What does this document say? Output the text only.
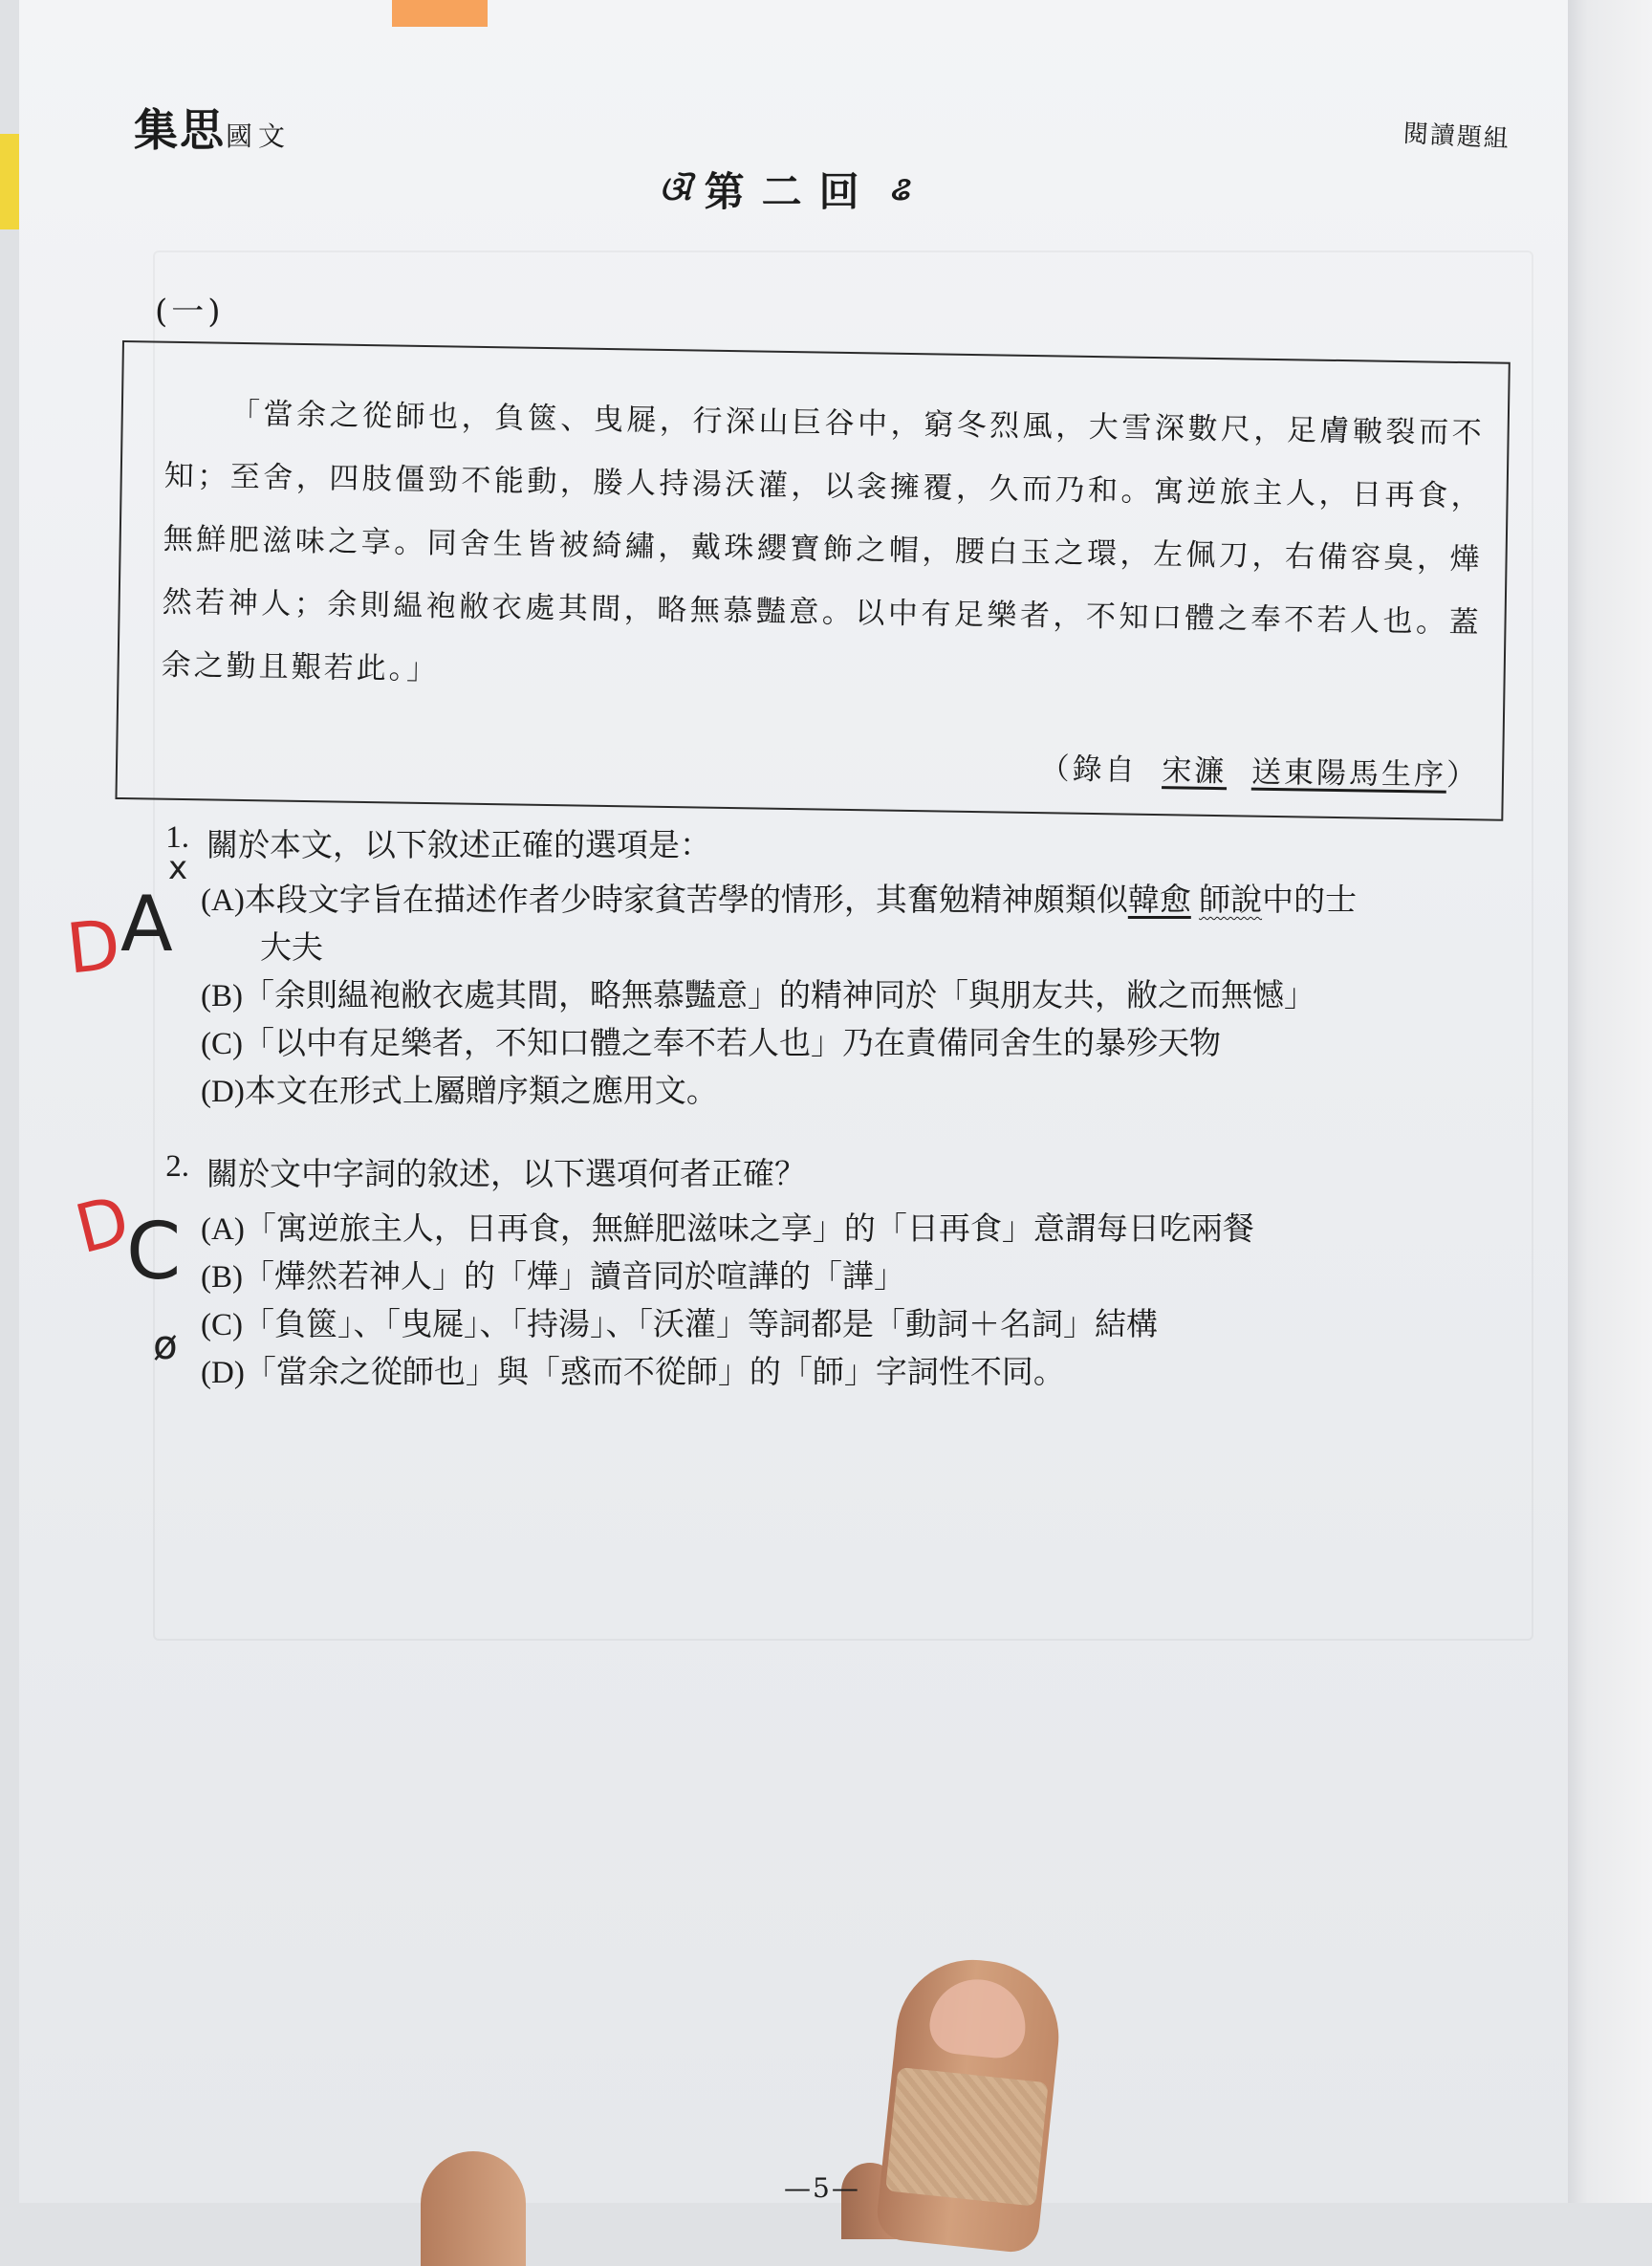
集思國文	閱讀題組
ଔ 第二回 ଌ
(一)
「當余之從師也，負篋、曳屣，行深山巨谷中，窮冬烈風，大雪深數尺，足膚皸裂而不知；至舍，四肢僵勁不能動，媵人持湯沃灌，以衾擁覆，久而乃和。寓逆旅主人，日再食，無鮮肥滋味之享。同舍生皆被綺繡，戴珠纓寶飾之帽，腰白玉之環，左佩刀，右備容臭，燁然若神人；余則緼袍敝衣處其間，略無慕豔意。以中有足樂者，不知口體之奉不若人也。蓋余之勤且艱若此。」
（錄自 宋濂 送東陽馬生序）
1. 關於本文，以下敘述正確的選項是：
(A)本段文字旨在描述作者少時家貧苦學的情形，其奮勉精神頗類似韓愈 師說中的士
大夫
(B)「余則緼袍敝衣處其間，略無慕豔意」的精神同於「與朋友共，敝之而無憾」
(C)「以中有足樂者，不知口體之奉不若人也」乃在責備同舍生的暴殄天物
(D)本文在形式上屬贈序類之應用文。
2. 關於文中字詞的敘述，以下選項何者正確？
(A)「寓逆旅主人，日再食，無鮮肥滋味之享」的「日再食」意謂每日吃兩餐
(B)「燁然若神人」的「燁」讀音同於喧譁的「譁」
(C)「負篋」、「曳屣」、「持湯」、「沃灌」等詞都是「動詞＋名詞」結構
(D)「當余之從師也」與「惑而不從師」的「師」字詞性不同。
D
A
x
D
C
ø
—5—
